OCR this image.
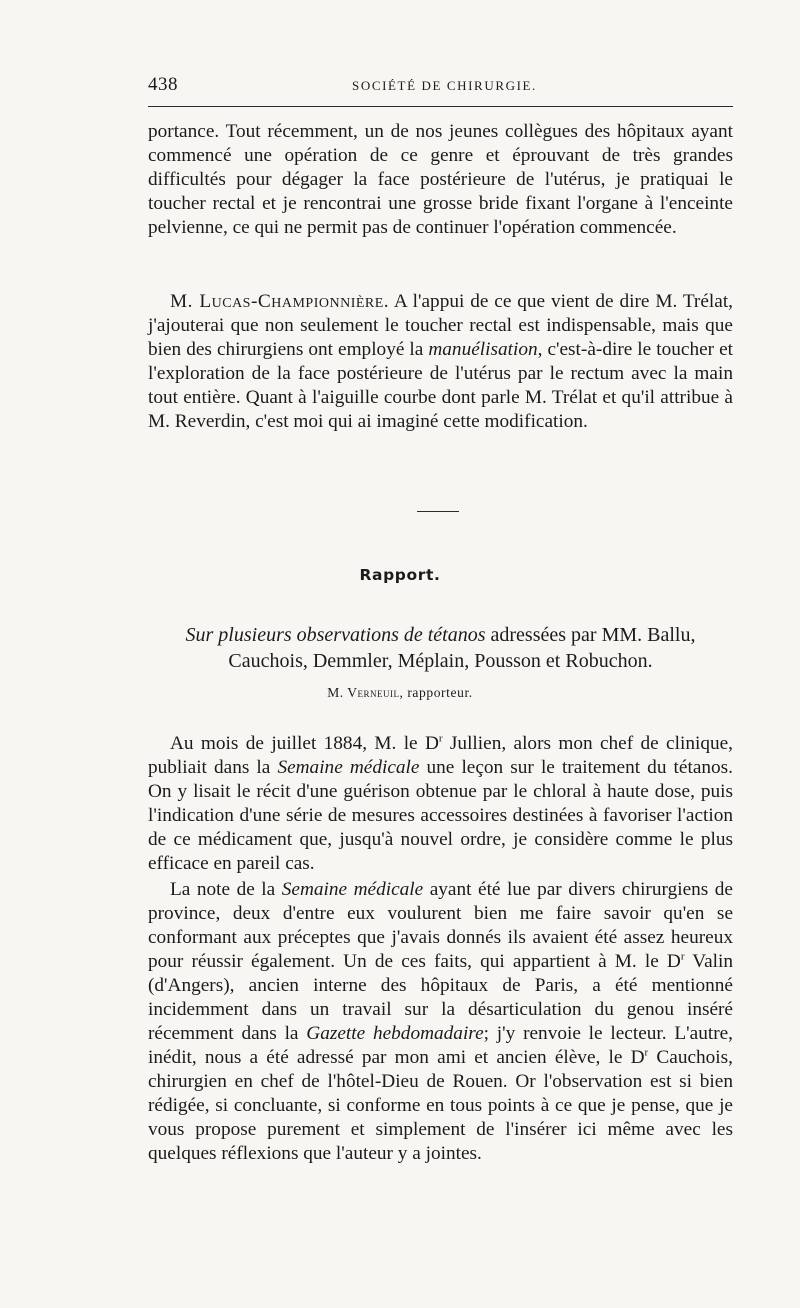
438	SOCIÉTÉ DE CHIRURGIE.

portance. Tout récemment, un de nos jeunes collègues des hôpitaux ayant commencé une opération de ce genre et éprouvant de très grandes difficultés pour dégager la face postérieure de l'utérus, je pratiquai le toucher rectal et je rencontrai une grosse bride fixant l'organe à l'enceinte pelvienne, ce qui ne permit pas de continuer l'opération commencée.

M. Lucas-Championnière. A l'appui de ce que vient de dire M. Trélat, j'ajouterai que non seulement le toucher rectal est indispensable, mais que bien des chirurgiens ont employé la manuélisation, c'est-à-dire le toucher et l'exploration de la face postérieure de l'utérus par le rectum avec la main tout entière. Quant à l'aiguille courbe dont parle M. Trélat et qu'il attribue à M. Reverdin, c'est moi qui ai imaginé cette modification.

Rapport.

Sur plusieurs observations de tétanos adressées par MM. Ballu, Cauchois, Demmler, Méplain, Pousson et Robuchon.

M. Verneuil, rapporteur.

Au mois de juillet 1884, M. le $D^r$ Jullien, alors mon chef de clinique, publiait dans la Semaine médicale une leçon sur le traitement du tétanos. On y lisait le récit d'une guérison obtenue par le chloral à haute dose, puis l'indication d'une série de mesures accessoires destinées à favoriser l'action de ce médicament que, jusqu'à nouvel ordre, je considère comme le plus efficace en pareil cas.

La note de la Semaine médicale ayant été lue par divers chirurgiens de province, deux d'entre eux voulurent bien me faire savoir qu'en se conformant aux préceptes que j'avais donnés ils avaient été assez heureux pour réussir également. Un de ces faits, qui appartient à M. le $D^r$ Valin (d'Angers), ancien interne des hôpitaux de Paris, a été mentionné incidemment dans un travail sur la désarticulation du genou inséré récemment dans la Gazette hebdomadaire; j'y renvoie le lecteur. L'autre, inédit, nous a été adressé par mon ami et ancien élève, le $D^r$ Cauchois, chirurgien en chef de l'hôtel-Dieu de Rouen. Or l'observation est si bien rédigée, si concluante, si conforme en tous points à ce que je pense, que je vous propose purement et simplement de l'insérer ici même avec les quelques réflexions que l'auteur y a jointes.
